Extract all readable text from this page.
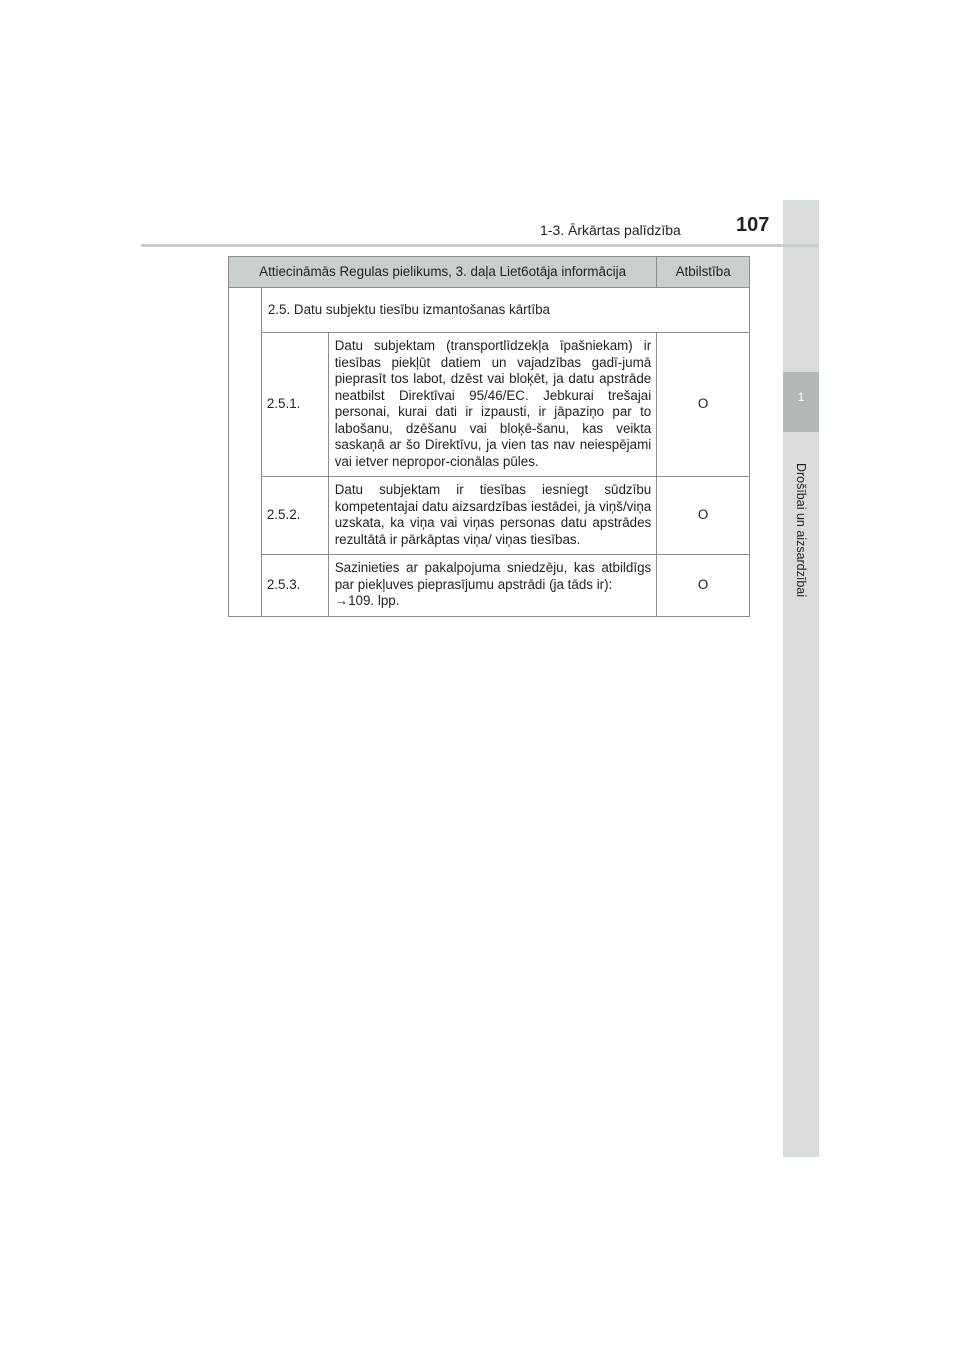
1
Drošībai un aizsardzībai
1-3. Ārkārtas palīdzība	107
Attiecināmās Regulas pielikums, 3. daļa Liet6otāja informācija			Atbilstība
	2.5. Datu subjektu tiesību izmantošanas kārtība		
	2.5.1.	Datu subjektam (transportlīdzekļa īpašniekam) ir tiesības piekļūt datiem un vajadzības gadī-jumā pieprasīt tos labot, dzēst vai bloķēt, ja datu apstrāde neatbilst Direktīvai 95/46/EC. Jebkurai trešajai personai, kurai dati ir izpausti, ir jāpaziņo par to labošanu, dzēšanu vai bloķē-šanu, kas veikta saskaņā ar šo Direktīvu, ja vien tas nav neiespējami vai ietver nepropor-cionālas pūles.	O
	2.5.2.	Datu subjektam ir tiesības iesniegt sūdzību kompetentajai datu aizsardzības iestādei, ja viņš/viņa uzskata, ka viņa vai viņas personas datu apstrādes rezultātā ir pārkāptas viņa/ viņas tiesības.	O
	2.5.3.	Sazinieties ar pakalpojuma sniedzēju, kas atbildīgs par piekļuves pieprasījumu apstrādi (ja tāds ir):
→109. lpp.	O
